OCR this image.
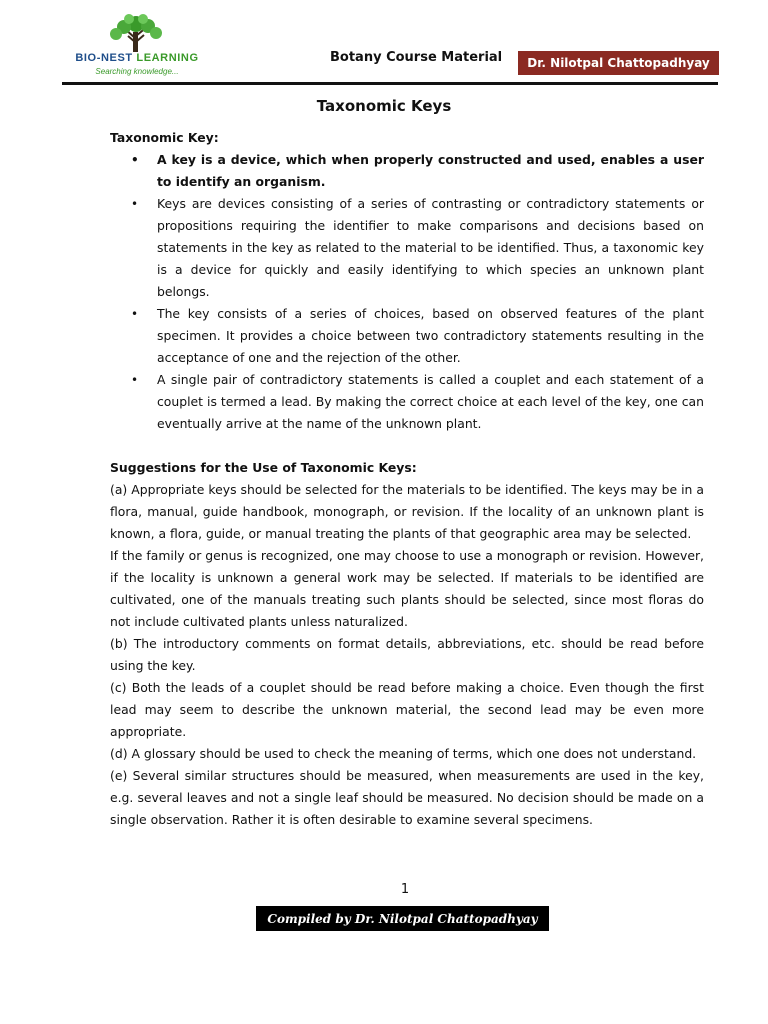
BIO-NEST LEARNING
Searching knowledge...
Botany Course Material Dr. Nilotpal Chattopadhyay
Taxonomic Keys

Taxonomic Key:

• A key is a device, which when properly constructed and used, enables a user to identify an organism.
• Keys are devices consisting of a series of contrasting or contradictory statements or propositions requiring the identifier to make comparisons and decisions based on statements in the key as related to the material to be identified. Thus, a taxonomic key is a device for quickly and easily identifying to which species an unknown plant belongs.
• The key consists of a series of choices, based on observed features of the plant specimen. It provides a choice between two contradictory statements resulting in the acceptance of one and the rejection of the other.
• A single pair of contradictory statements is called a couplet and each statement of a couplet is termed a lead. By making the correct choice at each level of the key, one can eventually arrive at the name of the unknown plant.

Suggestions for the Use of Taxonomic Keys:

(a) Appropriate keys should be selected for the materials to be identified. The keys may be in a flora, manual, guide handbook, monograph, or revision. If the locality of an unknown plant is known, a flora, guide, or manual treating the plants of that geographic area may be selected.

If the family or genus is recognized, one may choose to use a monograph or revision. However, if the locality is unknown a general work may be selected. If materials to be identified are cultivated, one of the manuals treating such plants should be selected, since most floras do not include cultivated plants unless naturalized.

(b) The introductory comments on format details, abbreviations, etc. should be read before using the key.

(c) Both the leads of a couplet should be read before making a choice. Even though the first lead may seem to describe the unknown material, the second lead may be even more appropriate.

(d) A glossary should be used to check the meaning of terms, which one does not understand.

(e) Several similar structures should be measured, when measurements are used in the key, e.g. several leaves and not a single leaf should be measured. No decision should be made on a single observation. Rather it is often desirable to examine several specimens.

1
Compiled by Dr. Nilotpal Chattopadhyay
